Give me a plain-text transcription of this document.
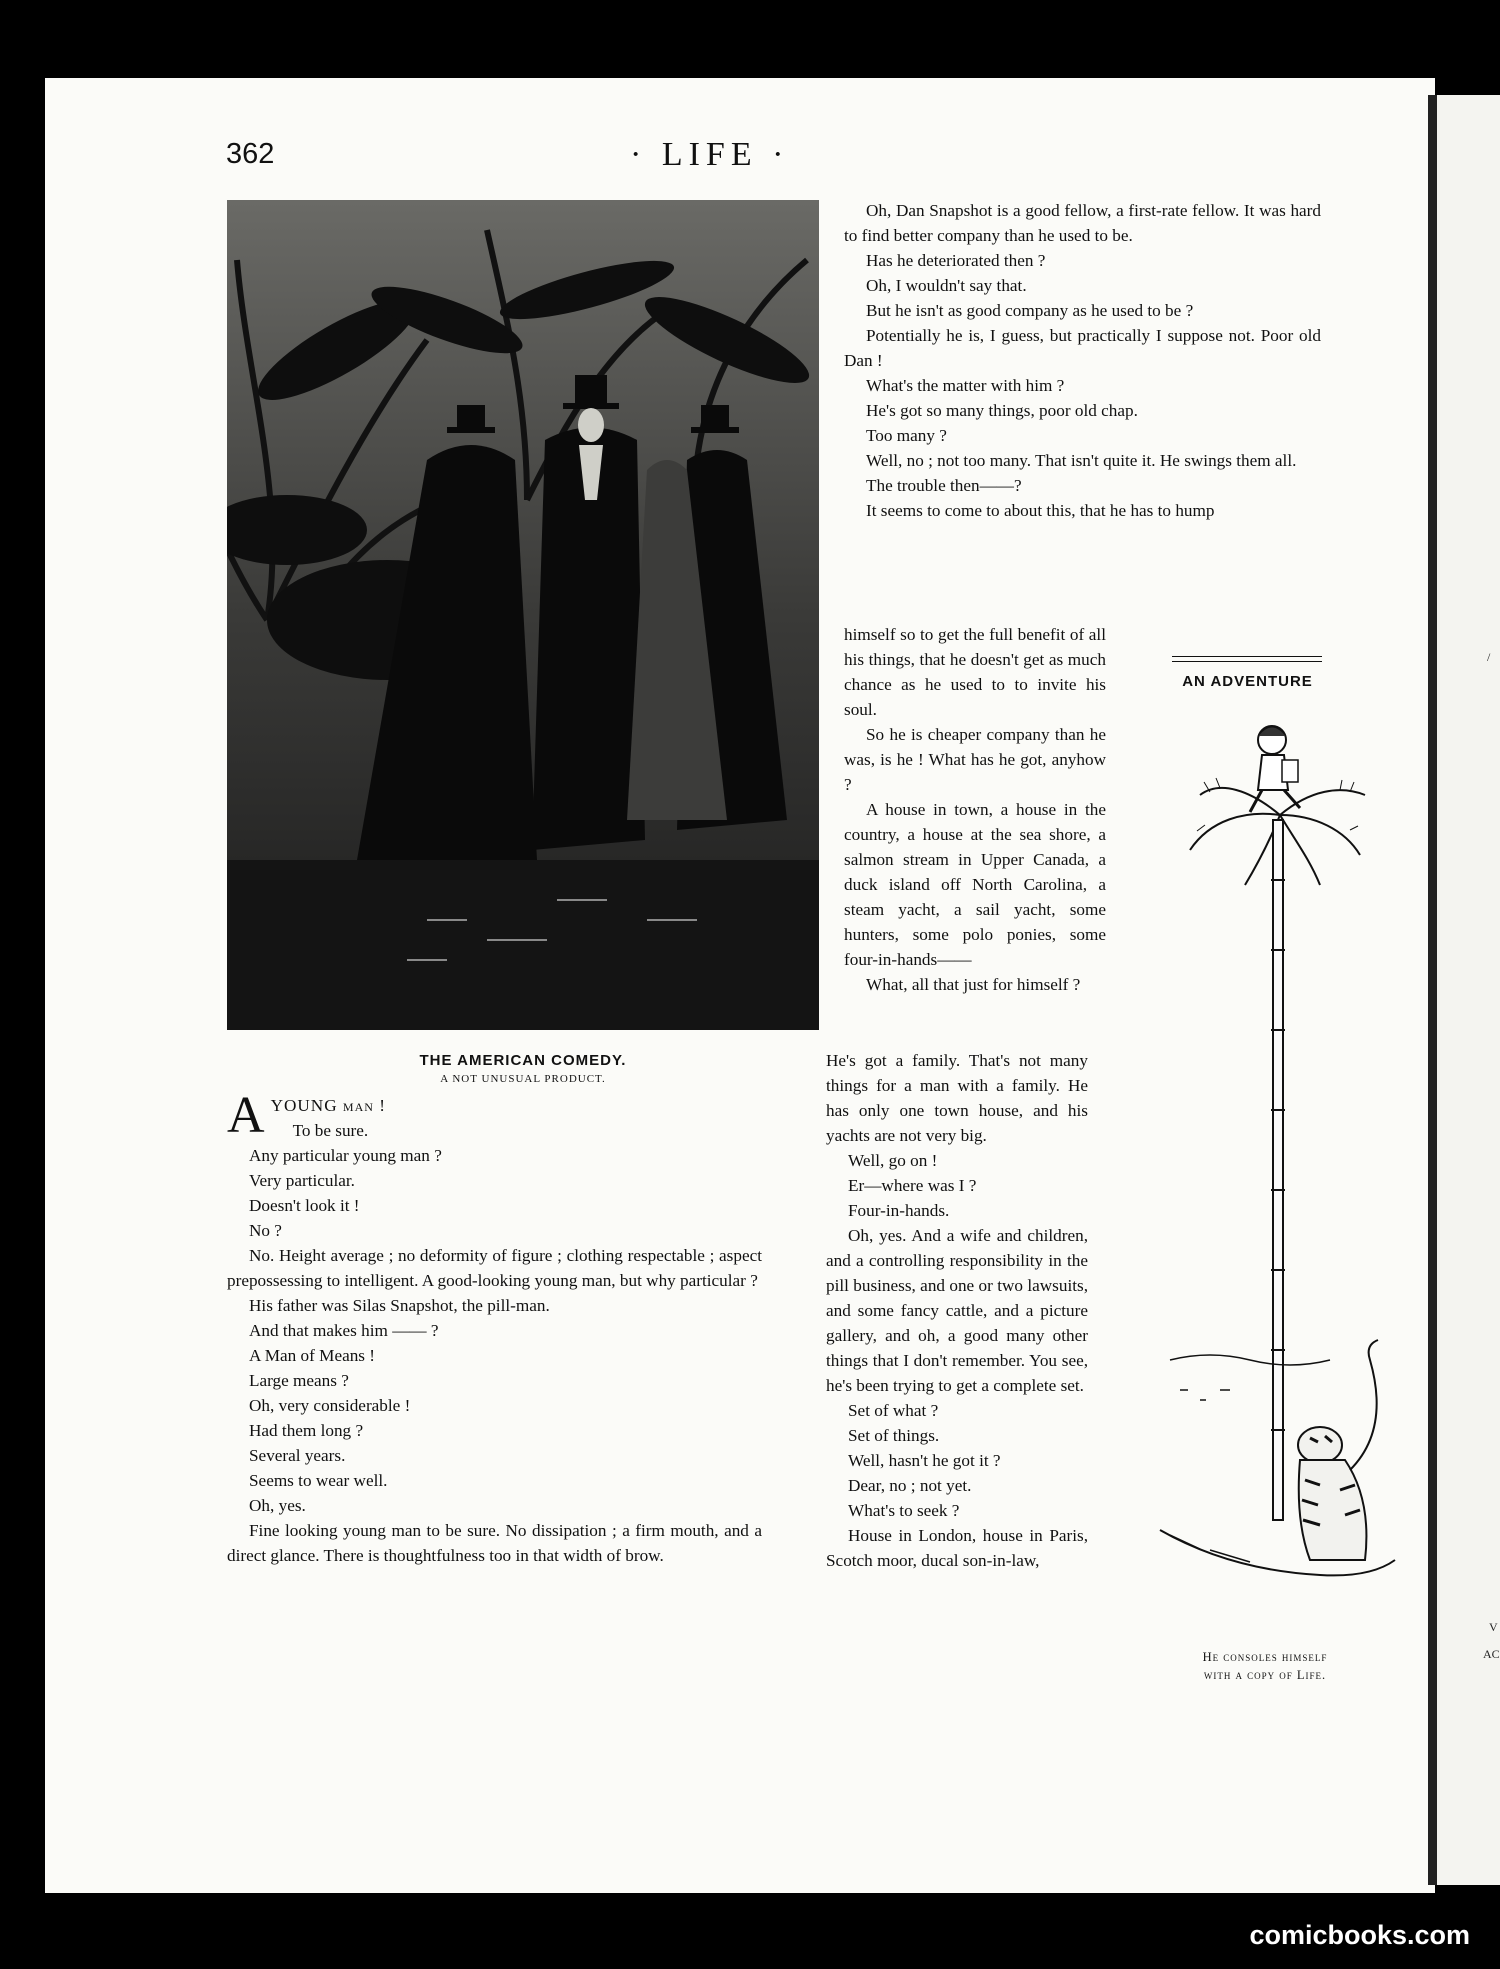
/
V
AC
362	· LIFE ·
THE AMERICAN COMEDY.
A NOT UNUSUAL PRODUCT.

AYOUNG man !

To be sure.

Any particular young man ?

Very particular.

Doesn't look it !

No ?

No. Height average ; no deformity of figure ; clothing respectable ; aspect prepossessing to intelligent. A good-looking young man, but why particular ?

His father was Silas Snapshot, the pill-man.

And that makes him —— ?

A Man of Means !

Large means ?

Oh, very considerable !

Had them long ?

Several years.

Seems to wear well.

Oh, yes.

Fine looking young man to be sure. No dissipation ; a firm mouth, and a direct glance. There is thoughtfulness too in that width of brow.

Oh, Dan Snapshot is a good fellow, a first-rate fellow. It was hard to find better company than he used to be.

Has he deteriorated then ?

Oh, I wouldn't say that.

But he isn't as good company as he used to be ?

Potentially he is, I guess, but practically I suppose not. Poor old Dan !

What's the matter with him ?

He's got so many things, poor old chap.

Too many ?

Well, no ; not too many. That isn't quite it. He swings them all.

The trouble then——?

It seems to come to about this, that he has to hump

himself so to get the full benefit of all his things, that he doesn't get as much chance as he used to to invite his soul.

So he is cheaper company than he was, is he ! What has he got, anyhow ?

A house in town, a house in the country, a house at the sea shore, a salmon stream in Upper Canada, a duck island off North Carolina, a steam yacht, a sail yacht, some hunters, some polo ponies, some four-in-hands——

What, all that just for himself ?

He's got a family. That's not many things for a man with a family. He has only one town house, and his yachts are not very big.

Well, go on !

Er—where was I ?

Four-in-hands.

Oh, yes. And a wife and children, and a controlling responsibility in the pill business, and one or two lawsuits, and some fancy cattle, and a picture gallery, and oh, a good many other things that I don't remember. You see, he's been trying to get a complete set.

Set of what ?

Set of things.

Well, hasn't he got it ?

Dear, no ; not yet.

What's to seek ?

House in London, house in Paris, Scotch moor, ducal son-in-law,

AN ADVENTURE
He consoles himself
with a copy of Life.
comicbooks.com
